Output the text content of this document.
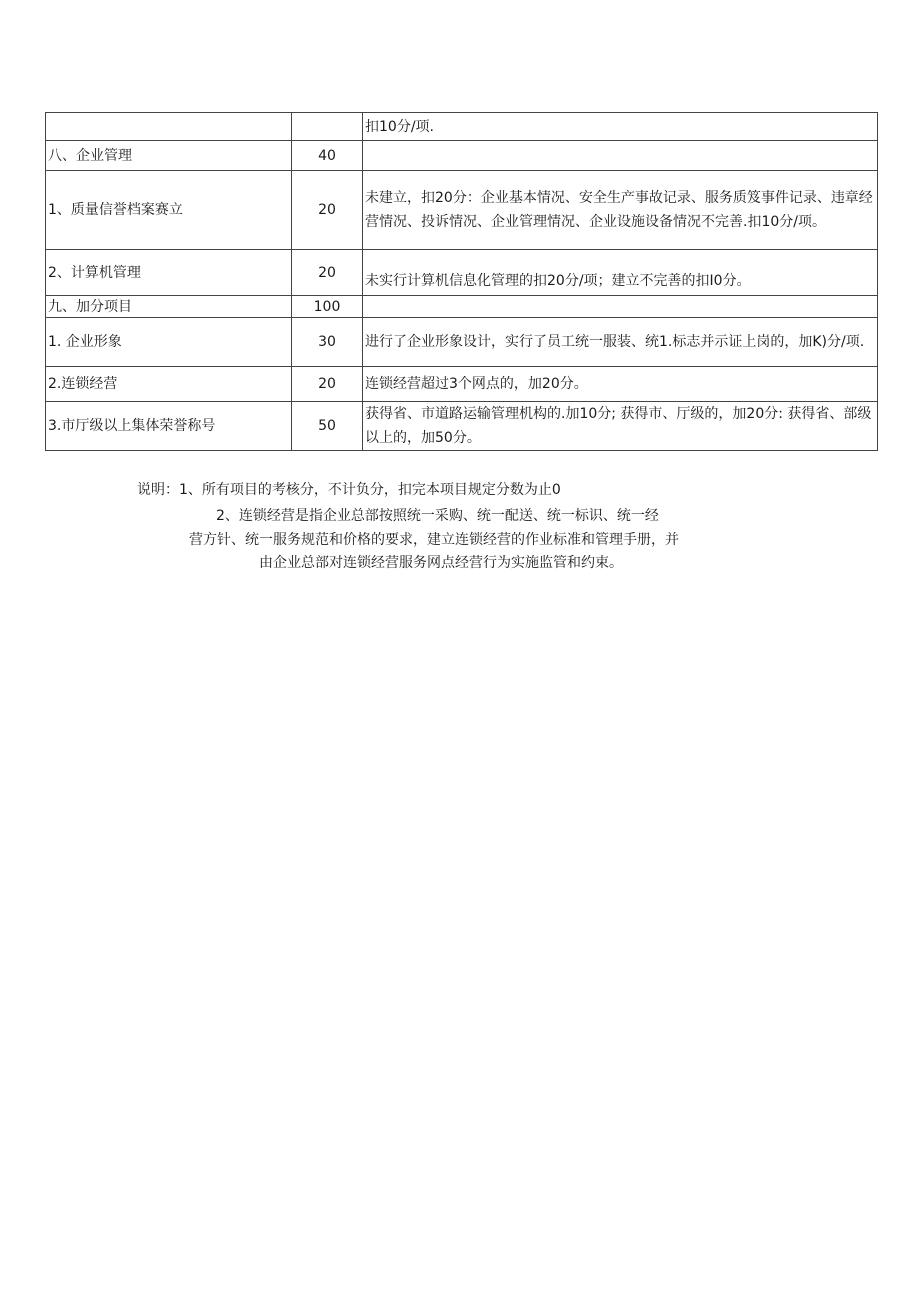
		扣10分/项.
八、企业管理	40	
1、质量信誉档案赛立	20	未建立，扣20分：企业基本情况、安全生产事故记录、服务质笈事件记录、违章经营情况、投诉情况、企业管理情况、企业设施设备情况不完善.扣10分/项。
2、计算机管理	20	未实行计算机信息化管理的扣20分/项；建立不完善的扣I0分。
九、加分项目	100	
1. 企业形象	30	进行了企业形象设计，实行了员工统一服装、统1.标志并示证上岗的，加K)分/项.
2.连锁经营	20	连锁经营超过3个网点的，加20分。
3.市厅级以上集体荣誉称号	50	获得省、市道路运输管理机构的.加10分; 获得市、厅级的，加20分: 获得省、部级以上的，加50分。
说明：1、所有项目的考核分，不计负分，扣完本项目规定分数为止0
2、连锁经营是指企业总部按照统一采购、统一配送、统一标识、统一经
营方针、统一服务规范和价格的要求，建立连锁经营的作业标准和管理手册，并
由企业总部对连锁经营服务网点经营行为实施监管和约束。
